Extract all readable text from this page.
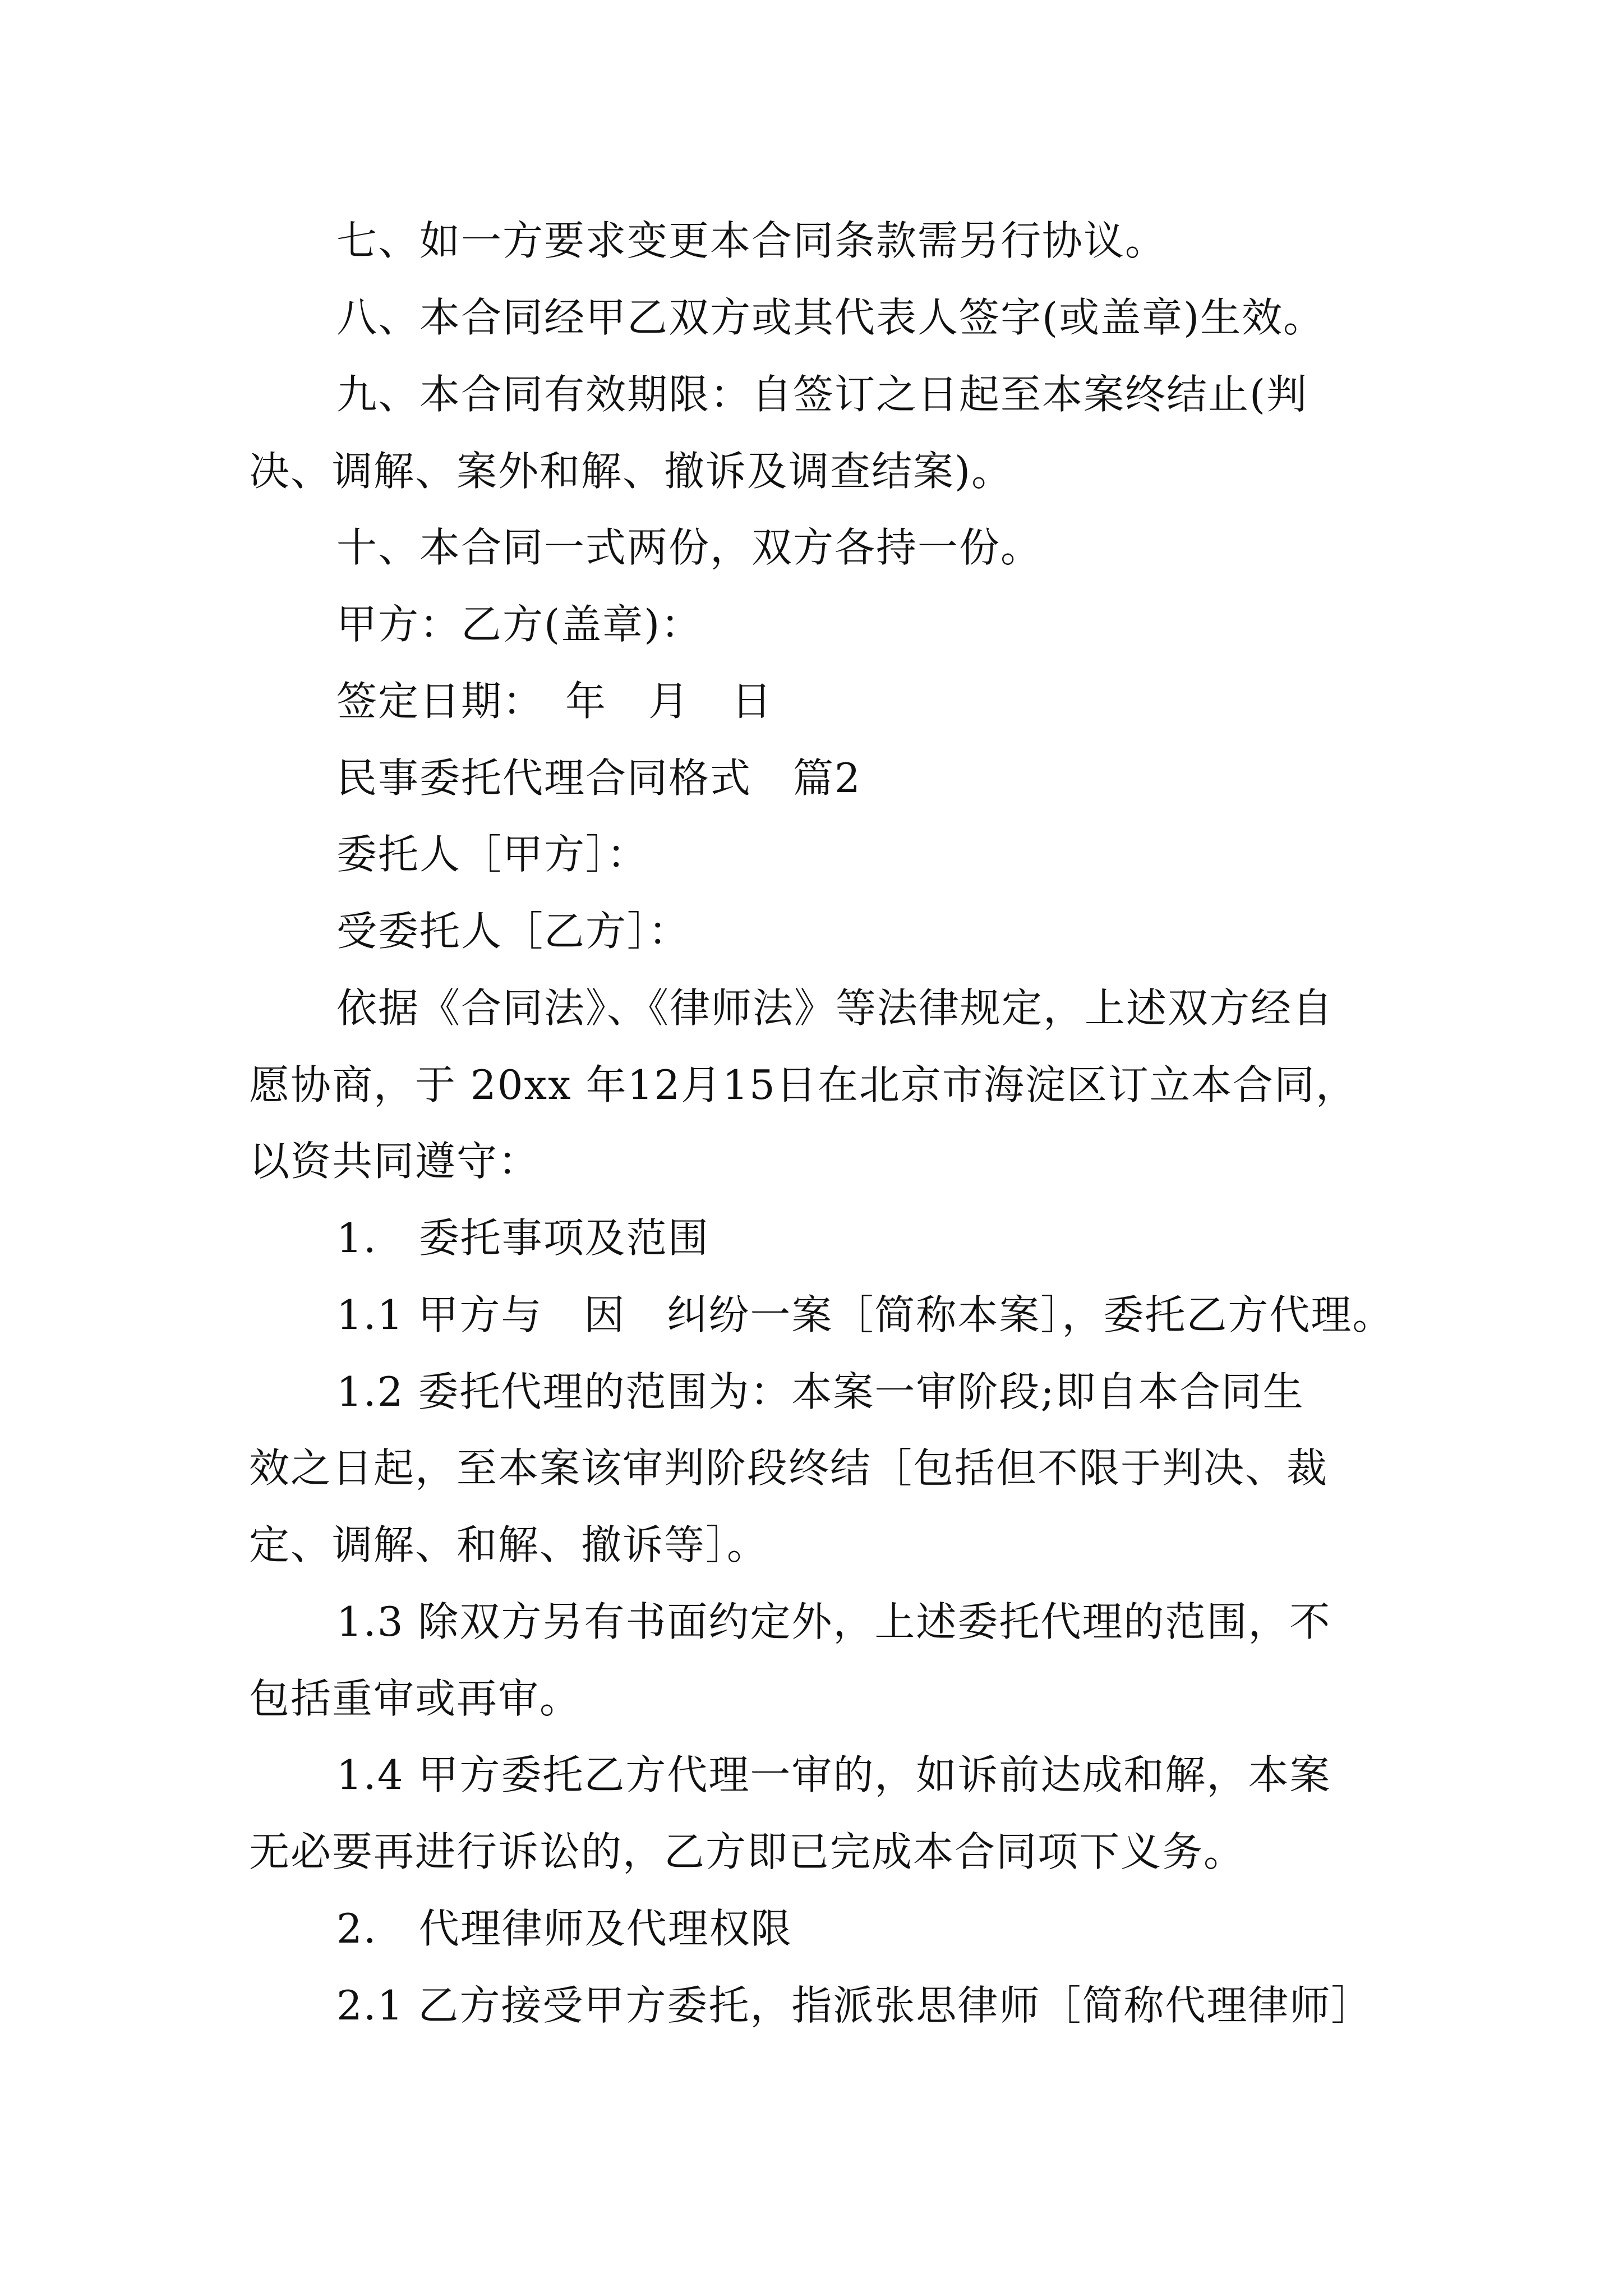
七、如一方要求变更本合同条款需另行协议。
八、本合同经甲乙双方或其代表人签字(或盖章)生效。
九、本合同有效期限：自签订之日起至本案终结止(判
决、调解、案外和解、撤诉及调查结案)。
十、本合同一式两份，双方各持一份。
甲方：乙方(盖章)：
签定日期：　年　月　日
民事委托代理合同格式　篇2
委托人［甲方］：
受委托人［乙方］：
依据《合同法》、《律师法》等法律规定，上述双方经自
愿协商，于 20xx 年12月15日在北京市海淀区订立本合同，
以资共同遵守：
1.　委托事项及范围
1.1 甲方与　因　纠纷一案［简称本案］，委托乙方代理。
1.2 委托代理的范围为：本案一审阶段;即自本合同生
效之日起，至本案该审判阶段终结［包括但不限于判决、裁
定、调解、和解、撤诉等］。
1.3 除双方另有书面约定外，上述委托代理的范围，不
包括重审或再审。
1.4 甲方委托乙方代理一审的，如诉前达成和解，本案
无必要再进行诉讼的，乙方即已完成本合同项下义务。
2.　代理律师及代理权限
2.1 乙方接受甲方委托，指派张思律师［简称代理律师］
